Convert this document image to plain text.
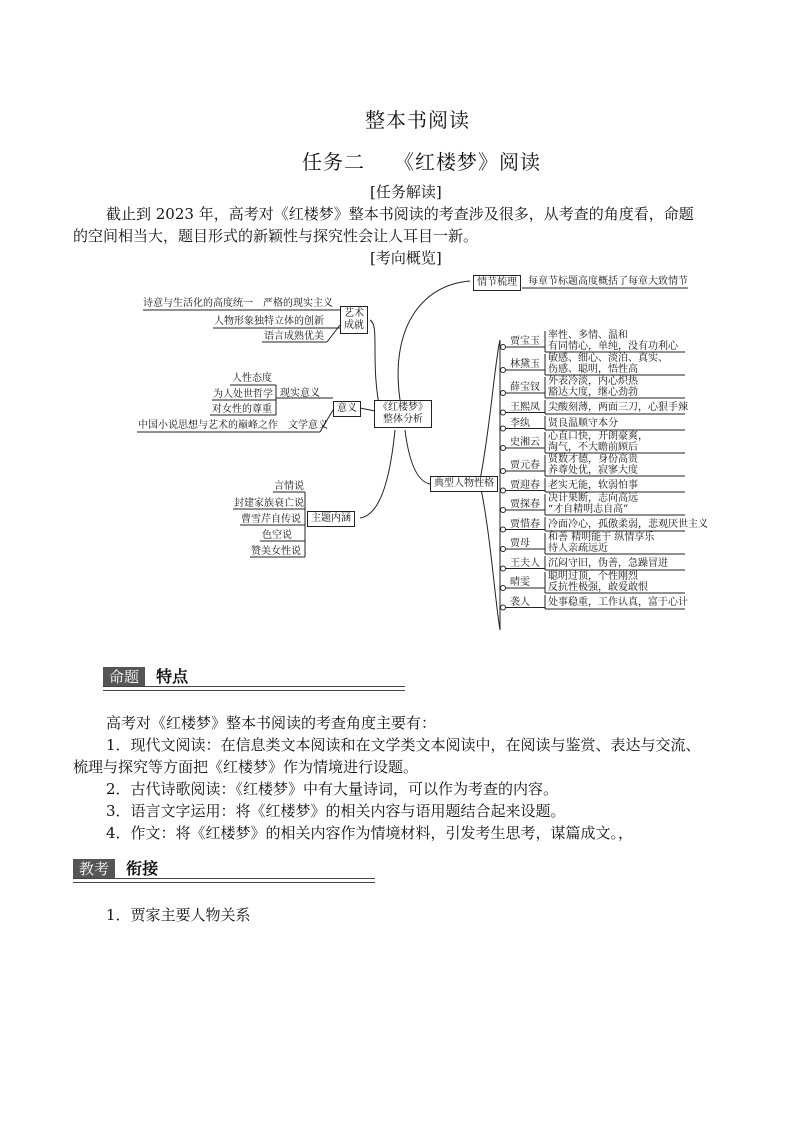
整本书阅读
任务二 《红楼梦》阅读
[任务解读]
截止到 2023 年，高考对《红楼梦》整本书阅读的考查涉及很多，从考查的角度看，命题
的空间相当大，题目形式的新颖性与探究性会让人耳目一新。
[考向概览]
《红楼梦》
整体分析
情节梳理	每章节标题高度概括了每章大致情节
艺术
成就
诗意与生活化的高度统一　严格的现实主义
人物形象独特立体的创新
语言成熟优美
意义
现实意义
人性态度
为人处世哲学
对女性的尊重
中国小说思想与艺术的巅峰之作　文学意义
主题内涵
言情说
封建家族衰亡说
曹雪芹自传说
色空说
赞美女性说
典型人物性格
贾宝玉
率性、多情、温和
有同情心，单纯，没有功利心
林黛玉
敏感、细心、淡泊、真实、
伤感、聪明，悟性高
薛宝钗
外表冷淡，内心炽热
豁达大度，继心劲勃
王熙凤 尖酸刻薄，两面三刀，心狠手辣
李纨 贤良温顺守本分
史湘云
心直口快，开朗豪爽，
淘气，不大瞻前顾后
贾元春
贤数才德，身份高贵
养尊处优，寂寥大度
贾迎春 老实无能，软弱怕事
贾探春
决计果断，志向高远
“才自精明志自高”
贾惜春 冷面冷心，孤傲柔弱，悲观厌世主义
贾母
和善 精明能干 纵情享乐
待人亲疏远近
王夫人 沉闷守旧，伪善，急躁冒进
晴雯
聪明过顶，个性刚烈
反抗性极强，敢爱敢恨
袭人 处事稳重，工作认真，富于心计
命题 特点
高考对《红楼梦》整本书阅读的考查角度主要有：
1．现代文阅读：在信息类文本阅读和在文学类文本阅读中，在阅读与鉴赏、表达与交流、
梳理与探究等方面把《红楼梦》作为情境进行设题。
2．古代诗歌阅读：《红楼梦》中有大量诗词，可以作为考查的内容。
3．语言文字运用：将《红楼梦》的相关内容与语用题结合起来设题。
4．作文：将《红楼梦》的相关内容作为情境材料，引发考生思考，谋篇成文。，
教考 衔接
1．贾家主要人物关系
